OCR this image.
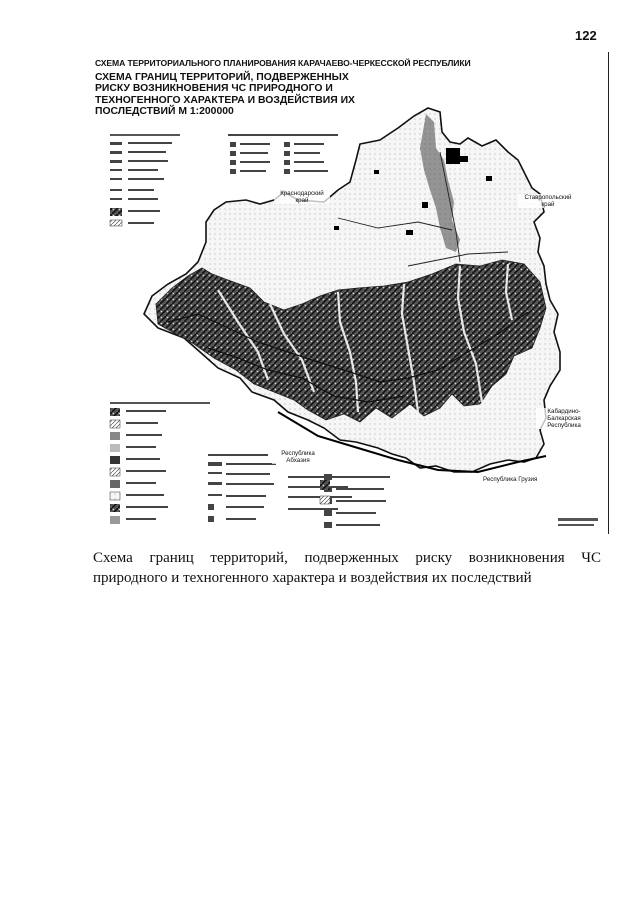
122
СХЕМА ТЕРРИТОРИАЛЬНОГО ПЛАНИРОВАНИЯ КАРАЧАЕВО-ЧЕРКЕССКОЙ РЕСПУБЛИКИ
СХЕМА ГРАНИЦ ТЕРРИТОРИЙ, ПОДВЕРЖЕННЫХ РИСКУ ВОЗНИКНОВЕНИЯ ЧС ПРИРОДНОГО И ТЕХНОГЕННОГО ХАРАКТЕРА И ВОЗДЕЙСТВИЯ ИХ ПОСЛЕДСТВИЙ М 1:200000
Краснодарский край	Ставропольский край
Кабардино-Балкарская Республика
Республика Абхазия
Республика Грузия
Схема границ территорий, подверженных риску возникновения ЧС природного и техногенного характера и воздействия их последствий
